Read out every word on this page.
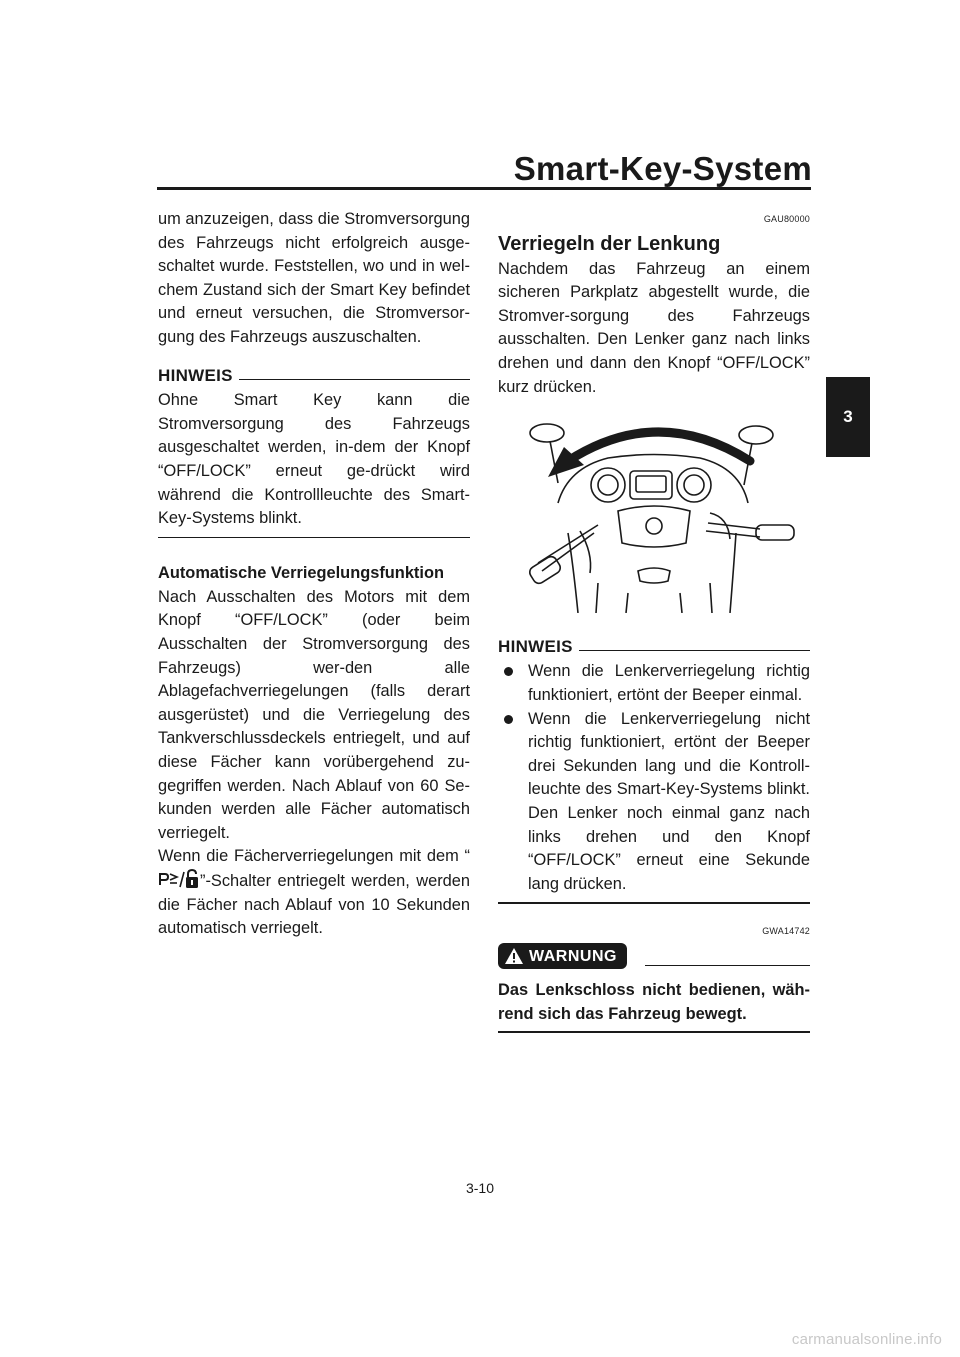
Smart-Key-System
3

um anzuzeigen, dass die Stromversorgung des Fahrzeugs nicht erfolgreich ausge-schaltet wurde. Feststellen, wo und in wel-chem Zustand sich der Smart Key befindet und erneut versuchen, die Stromversor-gung des Fahrzeugs auszuschalten.

HINWEIS

Ohne Smart Key kann die Stromversorgung des Fahrzeugs ausgeschaltet werden, in-dem der Knopf “OFF/LOCK” erneut ge-drückt wird während die Kontrollleuchte des Smart-Key-Systems blinkt.

Automatische Verriegelungsfunktion

Nach Ausschalten des Motors mit dem Knopf “OFF/LOCK” (oder beim Ausschalten der Stromversorgung des Fahrzeugs) wer-den alle Ablagefachverriegelungen (falls derart ausgerüstet) und die Verriegelung des Tankverschlussdeckels entriegelt, und auf diese Fächer kann vorübergehend zu-gegriffen werden. Nach Ablauf von 60 Se-kunden werden alle Fächer automatisch verriegelt.

Wenn die Fächerverriegelungen mit dem “”-Schalter entriegelt werden, werden die Fächer nach Ablauf von 10 Sekunden automatisch verriegelt.

GAU80000
Verriegeln der Lenkung

Nachdem das Fahrzeug an einem sicheren Parkplatz abgestellt wurde, die Stromver-sorgung des Fahrzeugs ausschalten. Den Lenker ganz nach links drehen und dann den Knopf “OFF/LOCK” kurz drücken.

HINWEIS
Wenn die Lenkerverriegelung richtig funktioniert, ertönt der Beeper einmal.
Wenn die Lenkerverriegelung nicht richtig funktioniert, ertönt der Beeper drei Sekunden lang und die Kontroll-leuchte des Smart-Key-Systems blinkt. Den Lenker noch einmal ganz nach links drehen und den Knopf “OFF/LOCK” erneut eine Sekunde lang drücken.
GWA14742
WARNUNG

Das Lenkschloss nicht bedienen, wäh-rend sich das Fahrzeug bewegt.

3-10
carmanualsonline.info
